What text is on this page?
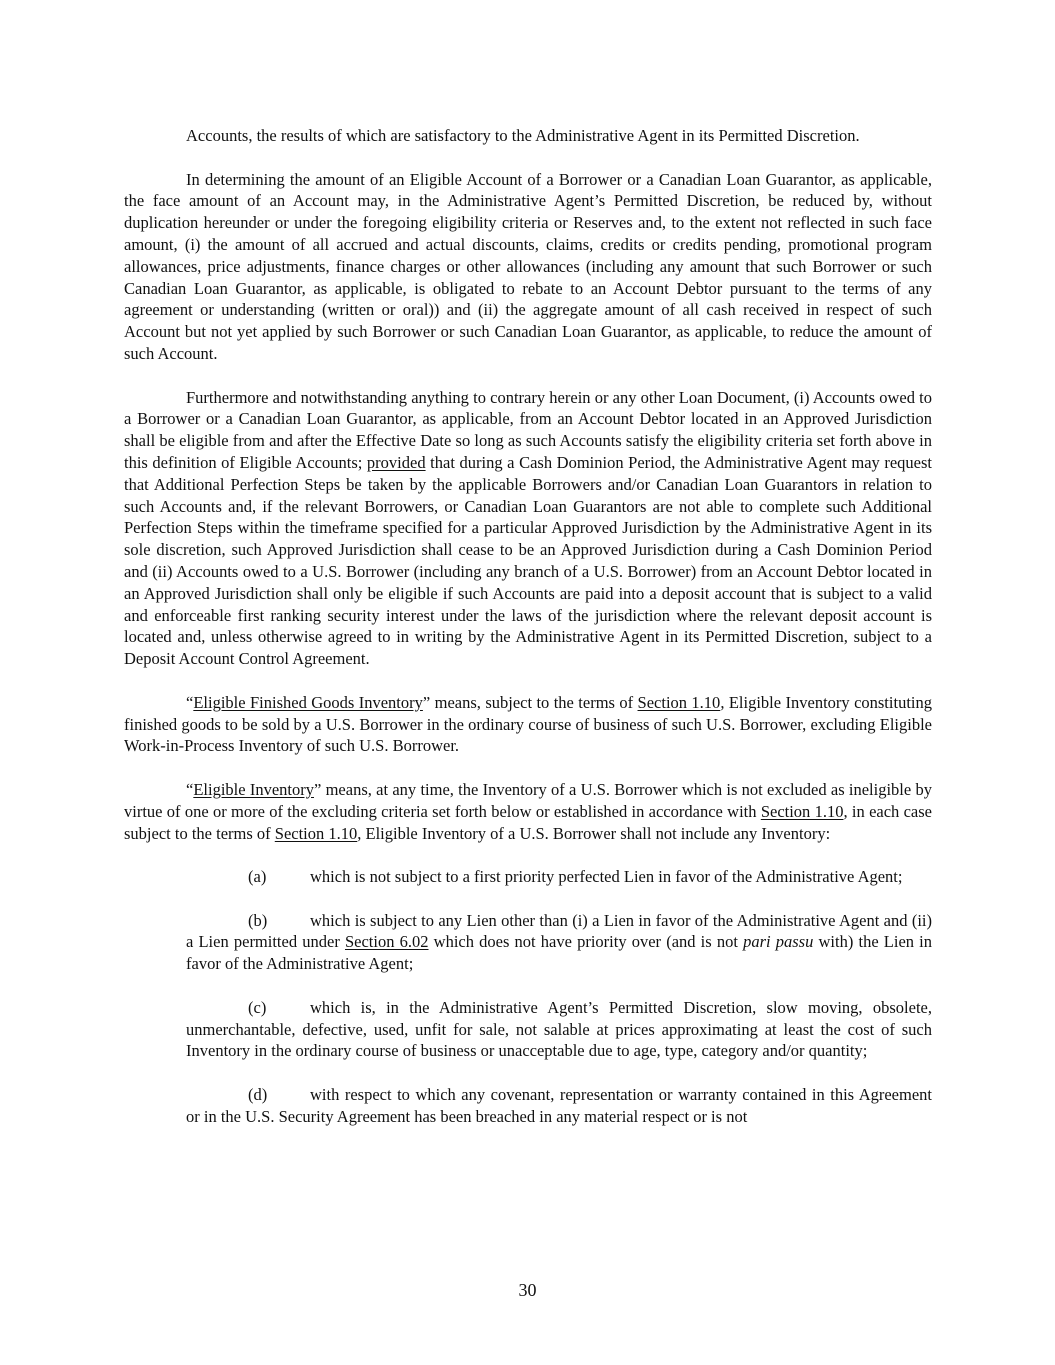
Accounts, the results of which are satisfactory to the Administrative Agent in its Permitted Discretion.

In determining the amount of an Eligible Account of a Borrower or a Canadian Loan Guarantor, as applicable, the face amount of an Account may, in the Administrative Agent’s Permitted Discretion, be reduced by, without duplication hereunder or under the foregoing eligibility criteria or Reserves and, to the extent not reflected in such face amount, (i) the amount of all accrued and actual discounts, claims, credits or credits pending, promotional program allowances, price adjustments, finance charges or other allowances (including any amount that such Borrower or such Canadian Loan Guarantor, as applicable, is obligated to rebate to an Account Debtor pursuant to the terms of any agreement or understanding (written or oral)) and (ii) the aggregate amount of all cash received in respect of such Account but not yet applied by such Borrower or such Canadian Loan Guarantor, as applicable, to reduce the amount of such Account.

Furthermore and notwithstanding anything to contrary herein or any other Loan Document, (i) Accounts owed to a Borrower or a Canadian Loan Guarantor, as applicable, from an Account Debtor located in an Approved Jurisdiction shall be eligible from and after the Effective Date so long as such Accounts satisfy the eligibility criteria set forth above in this definition of Eligible Accounts; provided that during a Cash Dominion Period, the Administrative Agent may request that Additional Perfection Steps be taken by the applicable Borrowers and/or Canadian Loan Guarantors in relation to such Accounts and, if the relevant Borrowers, or Canadian Loan Guarantors are not able to complete such Additional Perfection Steps within the timeframe specified for a particular Approved Jurisdiction by the Administrative Agent in its sole discretion, such Approved Jurisdiction shall cease to be an Approved Jurisdiction during a Cash Dominion Period and (ii) Accounts owed to a U.S. Borrower (including any branch of a U.S. Borrower) from an Account Debtor located in an Approved Jurisdiction shall only be eligible if such Accounts are paid into a deposit account that is subject to a valid and enforceable first ranking security interest under the laws of the jurisdiction where the relevant deposit account is located and, unless otherwise agreed to in writing by the Administrative Agent in its Permitted Discretion, subject to a Deposit Account Control Agreement.

“Eligible Finished Goods Inventory” means, subject to the terms of Section 1.10, Eligible Inventory constituting finished goods to be sold by a U.S. Borrower in the ordinary course of business of such U.S. Borrower, excluding Eligible Work-in-Process Inventory of such U.S. Borrower.

“Eligible Inventory” means, at any time, the Inventory of a U.S. Borrower which is not excluded as ineligible by virtue of one or more of the excluding criteria set forth below or established in accordance with Section 1.10, in each case subject to the terms of Section 1.10, Eligible Inventory of a U.S. Borrower shall not include any Inventory:

(a)	which is not subject to a first priority perfected Lien in favor of the Administrative Agent;

(b)	which is subject to any Lien other than (i) a Lien in favor of the Administrative Agent and (ii) a Lien permitted under Section 6.02 which does not have priority over (and is not pari passu with) the Lien in favor of the Administrative Agent;

(c)	which is, in the Administrative Agent’s Permitted Discretion, slow moving, obsolete, unmerchantable, defective, used, unfit for sale, not salable at prices approximating at least the cost of such Inventory in the ordinary course of business or unacceptable due to age, type, category and/or quantity;

(d)	with respect to which any covenant, representation or warranty contained in this Agreement or in the U.S. Security Agreement has been breached in any material respect or is not

30
